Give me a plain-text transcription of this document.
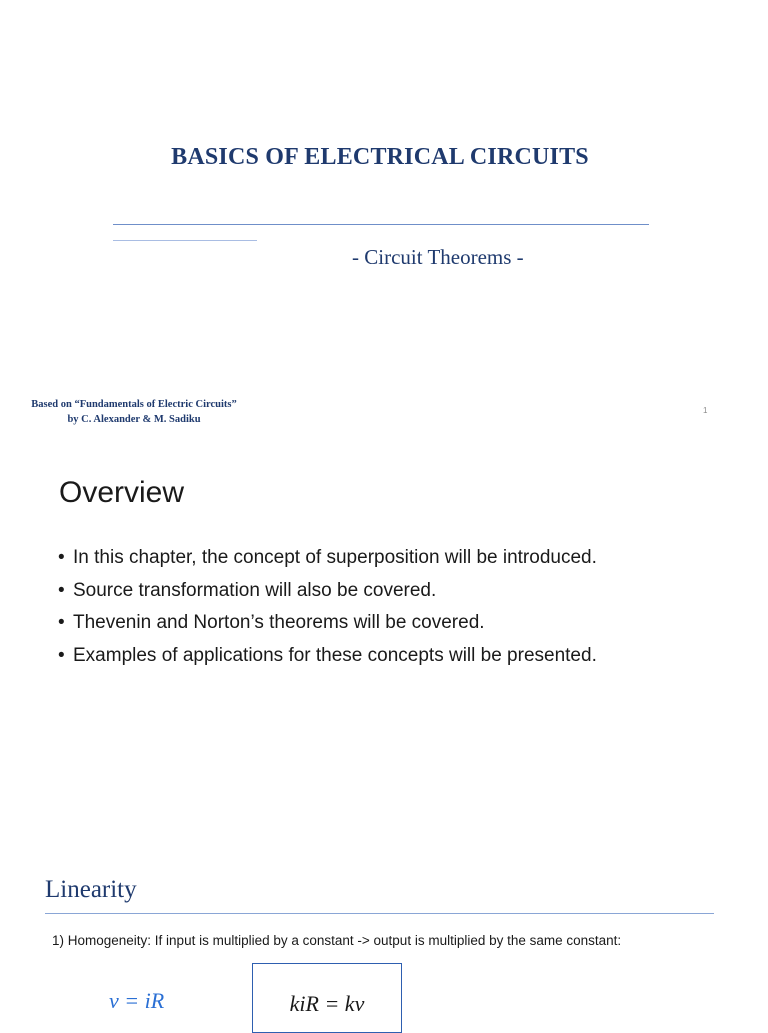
BASICS OF ELECTRICAL CIRCUITS
- Circuit Theorems -
Based on “Fundamentals of Electric Circuits”
by C. Alexander & M. Sadiku
1
Overview
• In this chapter, the concept of superposition will be introduced.
• Source transformation will also be covered.
• Thevenin and Norton’s theorems will be covered.
• Examples of applications for these concepts will be presented.
Linearity
1) Homogeneity: If input is multiplied by a constant -> output is multiplied by the same constant:
v = iR	kiR = kv
